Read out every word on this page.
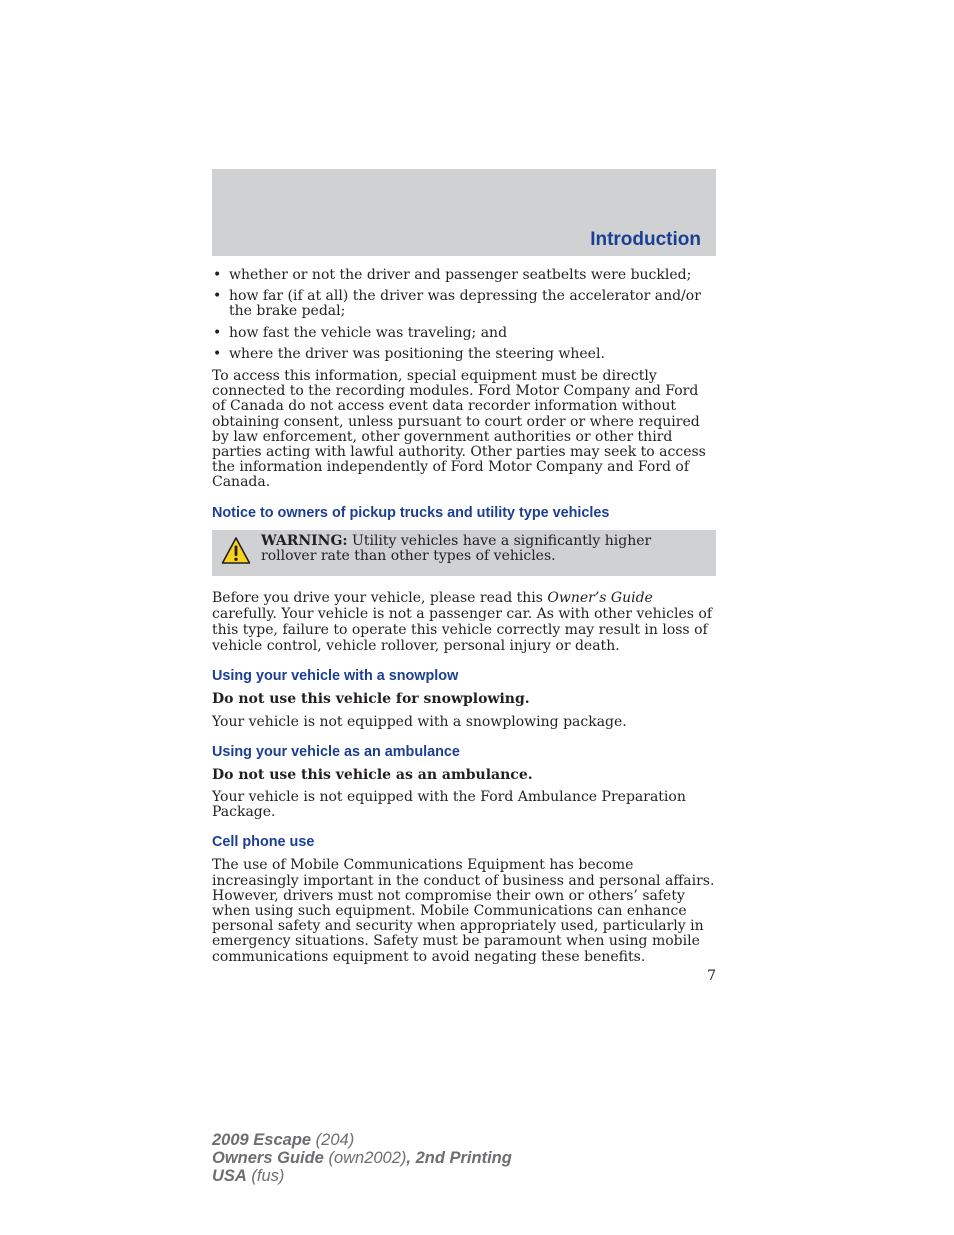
Introduction
• whether or not the driver and passenger seatbelts were buckled;
• how far (if at all) the driver was depressing the accelerator and/or the brake pedal;
• how fast the vehicle was traveling; and
• where the driver was positioning the steering wheel.

To access this information, special equipment must be directly connected to the recording modules. Ford Motor Company and Ford of Canada do not access event data recorder information without obtaining consent, unless pursuant to court order or where required by law enforcement, other government authorities or other third parties acting with lawful authority. Other parties may seek to access the information independently of Ford Motor Company and Ford of Canada.

Notice to owners of pickup trucks and utility type vehicles
WARNING: Utility vehicles have a significantly higher rollover rate than other types of vehicles.

Before you drive your vehicle, please read this Owner’s Guide carefully. Your vehicle is not a passenger car. As with other vehicles of this type, failure to operate this vehicle correctly may result in loss of vehicle control, vehicle rollover, personal injury or death.

Using your vehicle with a snowplow

Do not use this vehicle for snowplowing.

Your vehicle is not equipped with a snowplowing package.

Using your vehicle as an ambulance

Do not use this vehicle as an ambulance.

Your vehicle is not equipped with the Ford Ambulance Preparation Package.

Cell phone use

The use of Mobile Communications Equipment has become increasingly important in the conduct of business and personal affairs. However, drivers must not compromise their own or others’ safety when using such equipment. Mobile Communications can enhance personal safety and security when appropriately used, particularly in emergency situations. Safety must be paramount when using mobile communications equipment to avoid negating these benefits.

7
2009 Escape (204)
Owners Guide (own2002), 2nd Printing
USA (fus)
